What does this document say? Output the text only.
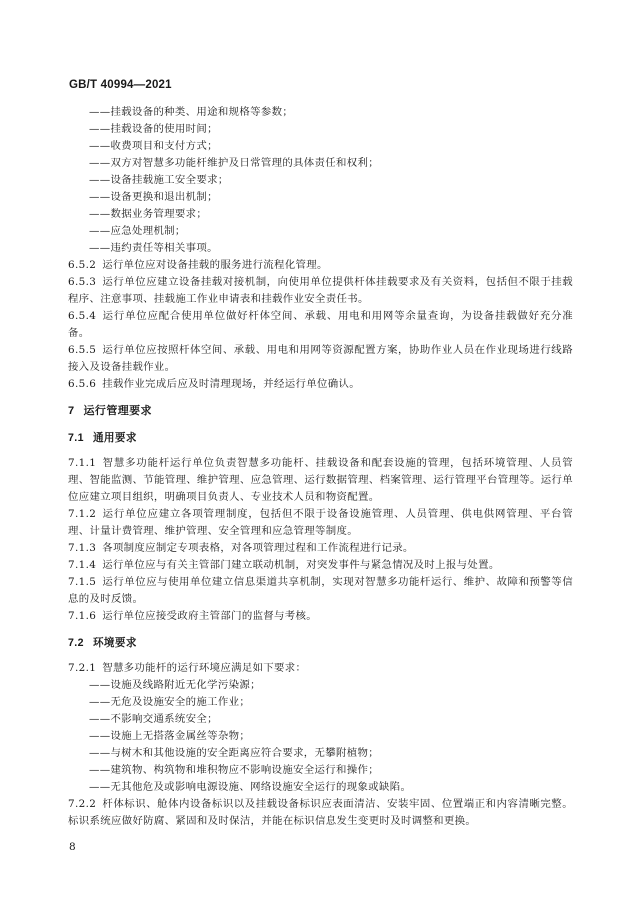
GB/T 40994—2021
——挂载设备的种类、用途和规格等参数；
——挂载设备的使用时间；
——收费项目和支付方式；
——双方对智慧多功能杆维护及日常管理的具体责任和权利；
——设备挂载施工安全要求；
——设备更换和退出机制；
——数据业务管理要求；
——应急处理机制；
——违约责任等相关事项。
6.5.2 运行单位应对设备挂载的服务进行流程化管理。
6.5.3 运行单位应建立设备挂载对接机制，向使用单位提供杆体挂载要求及有关资料，包括但不限于挂载程序、注意事项、挂载施工作业申请表和挂载作业安全责任书。
6.5.4 运行单位应配合使用单位做好杆体空间、承载、用电和用网等余量查询，为设备挂载做好充分准备。
6.5.5 运行单位应按照杆体空间、承载、用电和用网等资源配置方案，协助作业人员在作业现场进行线路接入及设备挂载作业。
6.5.6 挂载作业完成后应及时清理现场，并经运行单位确认。
7 运行管理要求
7.1 通用要求
7.1.1 智慧多功能杆运行单位负责智慧多功能杆、挂载设备和配套设施的管理，包括环境管理、人员管理、智能监测、节能管理、维护管理、应急管理、运行数据管理、档案管理、运行管理平台管理等。运行单位应建立项目组织，明确项目负责人、专业技术人员和物资配置。
7.1.2 运行单位应建立各项管理制度，包括但不限于设备设施管理、人员管理、供电供网管理、平台管理、计量计费管理、维护管理、安全管理和应急管理等制度。
7.1.3 各项制度应制定专项表格，对各项管理过程和工作流程进行记录。
7.1.4 运行单位应与有关主管部门建立联动机制，对突发事件与紧急情况及时上报与处置。
7.1.5 运行单位应与使用单位建立信息渠道共享机制，实现对智慧多功能杆运行、维护、故障和预警等信息的及时反馈。
7.1.6 运行单位应接受政府主管部门的监督与考核。
7.2 环境要求
7.2.1 智慧多功能杆的运行环境应满足如下要求：
——设施及线路附近无化学污染源；
——无危及设施安全的施工作业；
——不影响交通系统安全；
——设施上无搭落金属丝等杂物；
——与树木和其他设施的安全距离应符合要求，无攀附植物；
——建筑物、构筑物和堆积物应不影响设施安全运行和操作；
——无其他危及或影响电源设施、网络设施安全运行的现象或缺陷。
7.2.2 杆体标识、舱体内设备标识以及挂载设备标识应表面清洁、安装牢固、位置端正和内容清晰完整。标识系统应做好防腐、紧固和及时保洁，并能在标识信息发生变更时及时调整和更换。
8
